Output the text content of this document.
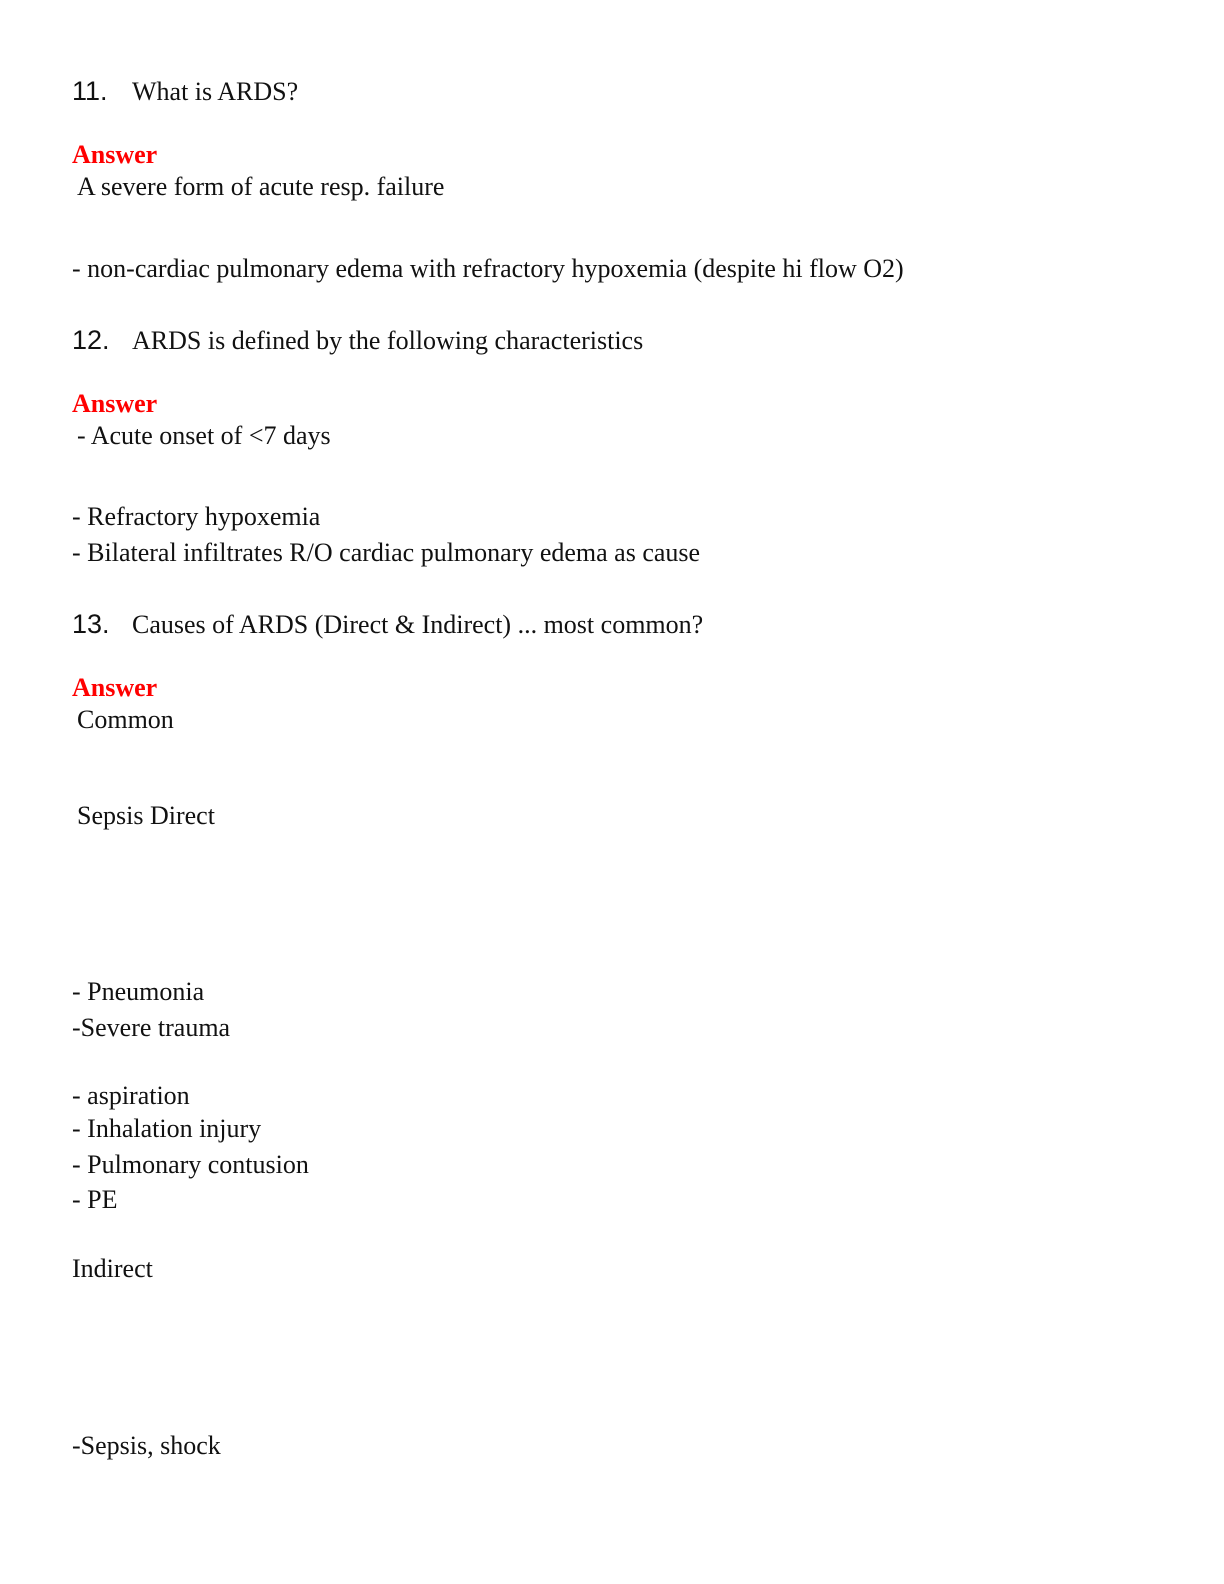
11. What is ARDS?
Answer
A severe form of acute resp. failure
- non-cardiac pulmonary edema with refractory hypoxemia (despite hi flow O2)
12. ARDS is defined by the following characteristics
Answer
- Acute onset of <7 days
- Refractory hypoxemia
- Bilateral infiltrates R/O cardiac pulmonary edema as cause
13. Causes of ARDS (Direct & Indirect) ... most common?
Answer
Common
Sepsis Direct
- Pneumonia
-Severe trauma
- aspiration
- Inhalation injury
- Pulmonary contusion
- PE
Indirect
-Sepsis, shock
